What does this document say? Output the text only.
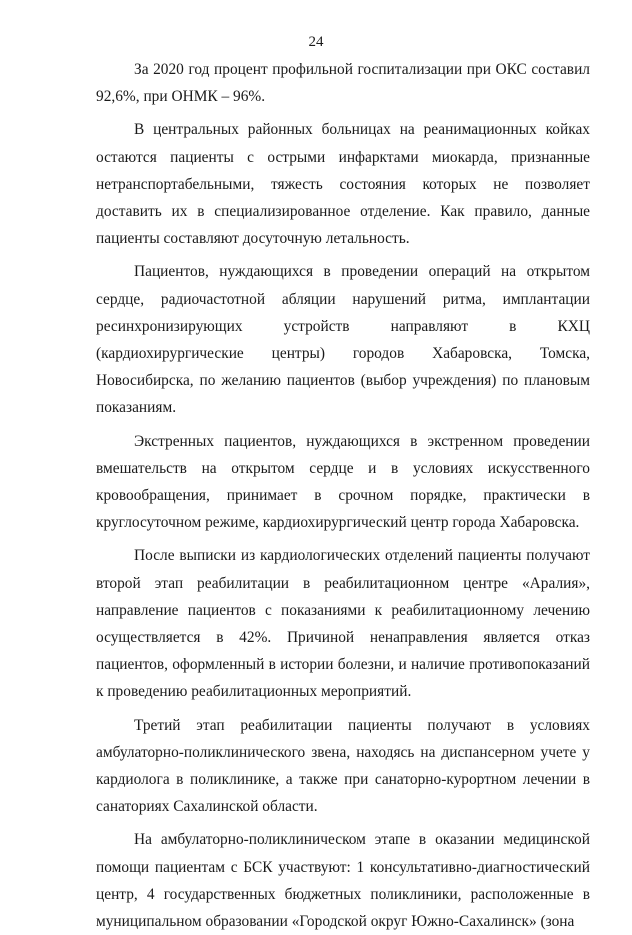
24

За 2020 год процент профильной госпитализации при ОКС составил 92,6%, при ОНМК – 96%.

В центральных районных больницах на реанимационных койках остаются пациенты с острыми инфарктами миокарда, признанные нетранспортабельными, тяжесть состояния которых не позволяет доставить их в специализированное отделение. Как правило, данные пациенты составляют досуточную летальность.

Пациентов, нуждающихся в проведении операций на открытом сердце, радиочастотной абляции нарушений ритма, имплантации ресинхронизирующих устройств направляют в КХЦ (кардиохирургические центры) городов Хабаровска, Томска, Новосибирска, по желанию пациентов (выбор учреждения) по плановым показаниям.

Экстренных пациентов, нуждающихся в экстренном проведении вмешательств на открытом сердце и в условиях искусственного кровообращения, принимает в срочном порядке, практически в круглосуточном режиме, кардиохирургический центр города Хабаровска.

После выписки из кардиологических отделений пациенты получают второй этап реабилитации в реабилитационном центре «Аралия», направление пациентов с показаниями к реабилитационному лечению осуществляется в 42%. Причиной ненаправления является отказ пациентов, оформленный в истории болезни, и наличие противопоказаний к проведению реабилитационных мероприятий.

Третий этап реабилитации пациенты получают в условиях амбулаторно-поликлинического звена, находясь на диспансерном учете у кардиолога в поликлинике, а также при санаторно-курортном лечении в санаториях Сахалинской области.

На амбулаторно-поликлиническом этапе в оказании медицинской помощи пациентам с БСК участвуют: 1 консультативно-диагностический центр, 4 государственных бюджетных поликлиники, расположенные в муниципальном образовании «Городской округ Южно-Сахалинск» (зона
